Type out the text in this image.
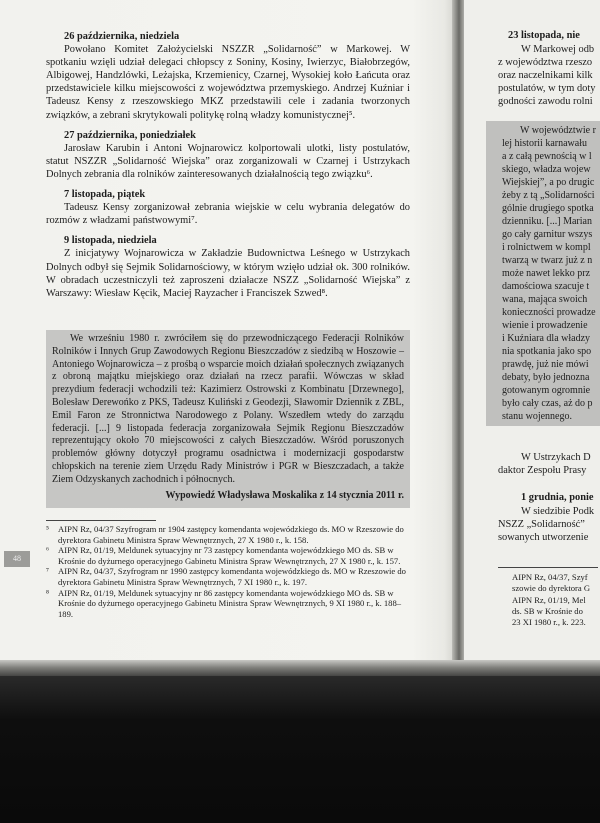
26 października, niedziela
Powołano Komitet Założycielski NSZZR „Solidarność” w Markowej. W spotkaniu wzięli udział delegaci chłopscy z Soniny, Kosiny, Iwierzyc, Białobrzegów, Albigowej, Handzlówki, Leżajska, Krzemienicy, Czarnej, Wysokiej koło Łańcuta oraz przedstawiciele kilku miejscowości z województwa przemyskiego. Andrzej Kuźniar i Tadeusz Kensy z rzeszowskiego MKZ przedstawili cele i zadania tworzonych związków, a zebrani skrytykowali politykę rolną władzy komunistycznej⁵.
27 października, poniedziałek
Jarosław Karubin i Antoni Wojnarowicz kolportowali ulotki, listy postulatów, statut NSZZR „Solidarność Wiejska” oraz zorganizowali w Czarnej i Ustrzykach Dolnych zebrania dla rolników zainteresowanych działalnością tego związku⁶.
7 listopada, piątek
Tadeusz Kensy zorganizował zebrania wiejskie w celu wybrania delegatów do rozmów z władzami państwowymi⁷.
9 listopada, niedziela
Z inicjatywy Wojnarowicza w Zakładzie Budownictwa Leśnego w Ustrzykach Dolnych odbył się Sejmik Solidarnościowy, w którym wzięło udział ok. 300 rolników. W obradach uczestniczyli też zaproszeni działacze NSZZ „Solidarność Wiejska” z Warszawy: Wiesław Kęcik, Maciej Rayzacher i Franciszek Szwed⁸.

We wrześniu 1980 r. zwróciłem się do przewodniczącego Federacji Rolników Rolników i Innych Grup Zawodowych Regionu Bieszczadów z siedzibą w Hoszowie – Antoniego Wojnarowicza – z prośbą o wsparcie moich działań społecznych związanych z obroną majątku miejskiego oraz działań na rzecz parafii. Wówczas w skład prezydium federacji wchodzili też: Kazimierz Ostrowski z Kombinatu [Drzewnego], Bolesław Derewońko z PKS, Tadeusz Kuliński z Geodezji, Sławomir Dziennik z ZBL, Emil Faron ze Stronnictwa Narodowego z Polany. Wszedłem wtedy do zarządu federacji. [...] 9 listopada federacja zorganizowała Sejmik Regionu Bieszczadów reprezentujący około 70 miejscowości z całych Bieszczadów. Wśród poruszonych problemów główny dotyczył programu osadnictwa i modernizacji gospodarstw chłopskich na terenie ziem Urzędu Rady Ministrów i PGR w Bieszczadach, a także Ziem Odzyskanych zachodnich i północnych.

Wypowiedź Władysława Moskalika z 14 stycznia 2011 r.

⁵	AIPN Rz, 04/37 Szyfrogram nr 1904 zastępcy komendanta wojewódzkiego ds. MO w Rzeszowie do dyrektora Gabinetu Ministra Spraw Wewnętrznych, 27 X 1980 r., k. 158.
⁶	AIPN Rz, 01/19, Meldunek sytuacyjny nr 73 zastępcy komendanta wojewódzkiego MO ds. SB w Krośnie do dyżurnego operacyjnego Gabinetu Ministra Spraw Wewnętrznych, 27 X 1980 r., k. 157.
⁷	AIPN Rz, 04/37, Szyfrogram nr 1990 zastępcy komendanta wojewódzkiego ds. MO w Rzeszowie do dyrektora Gabinetu Ministra Spraw Wewnętrznych, 7 XI 1980 r., k. 197.
⁸	AIPN Rz, 01/19, Meldunek sytuacyjny nr 86 zastępcy komendanta wojewódzkiego MO ds. SB w Krośnie do dyżurnego operacyjnego Gabinetu Ministra Spraw Wewnętrznych, 9 XI 1980 r., k. 188–189.
48
23 listopada, nie
W Markowej odb
z województwa rzeszo
oraz naczelnikami kilk
postulatów, w tym doty
godności zawodu rolni
W województwie r
lej historii karnawału
a z całą pewnością w l
skiego, władza wojew
Wiejskiej”, a po drugic
żeby z tą „Solidarności
gólnie drugiego spotka
dzienniku. [...] Marian
go cały garnitur wszys
i rolnictwem w kompl
twarzą w twarz już z n
może nawet lekko prz
damościowa szacuje t
wana, mająca swoich
konieczności prowadze
wienie i prowadzenie
i Kuźniara dla władzy
nia spotkania jako spo
prawdę, już nie mówi
debaty, było jednozna
gotowanym ogromnie
było cały czas, aż do p
stanu wojennego.
W Ustrzykach D
daktor Zespołu Prasy
1 grudnia, ponie
W siedzibie Podk
NSZZ „Solidarność”
sowanych utworzenie
AIPN Rz, 04/37, Szyf
szowie do dyrektora G
AIPN Rz, 01/19, Mel
ds. SB w Krośnie do
23 XI 1980 r., k. 223.
